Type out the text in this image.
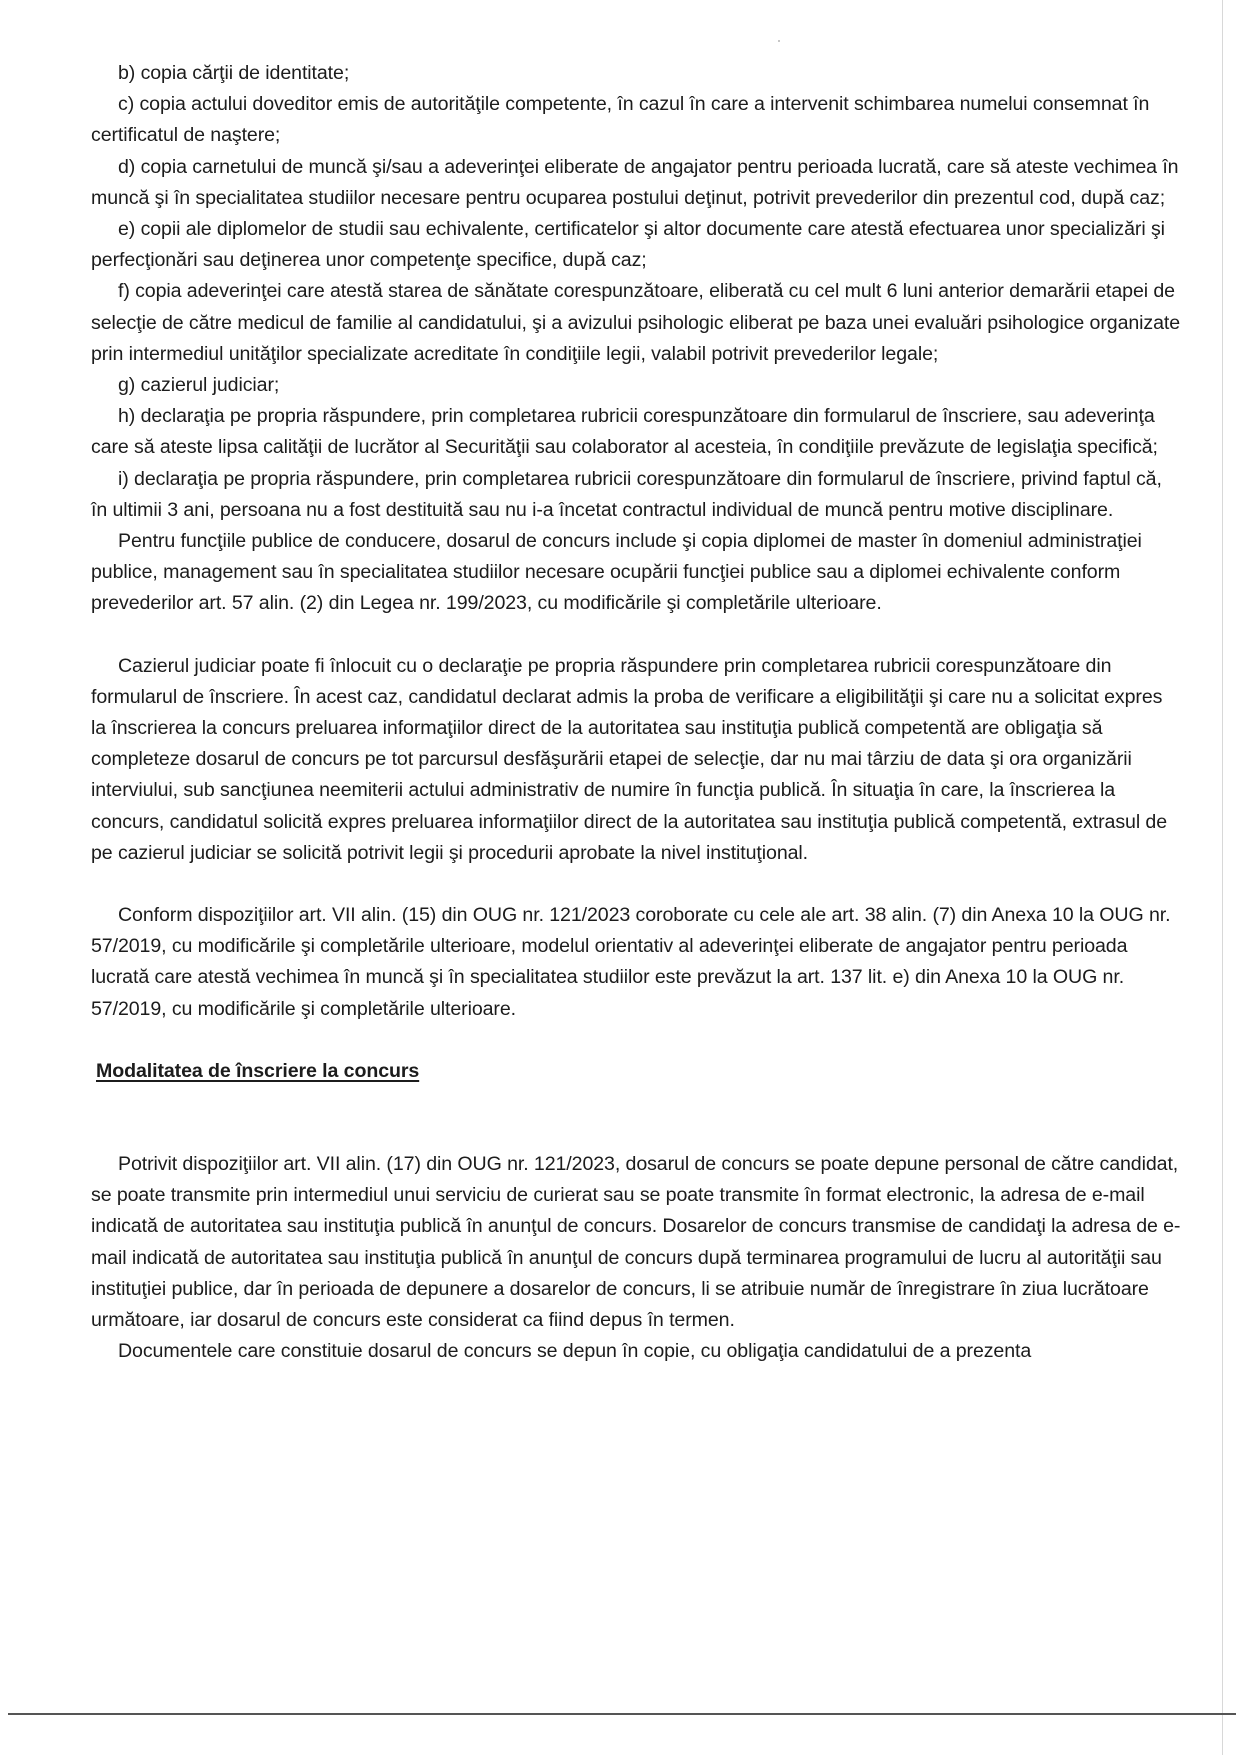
b) copia cărţii de identitate;

c) copia actului doveditor emis de autorităţile competente, în cazul în care a intervenit schimbarea numelui consemnat în certificatul de naştere;

d) copia carnetului de muncă şi/sau a adeverinţei eliberate de angajator pentru perioada lucrată, care să ateste vechimea în muncă şi în specialitatea studiilor necesare pentru ocuparea postului deţinut, potrivit prevederilor din prezentul cod, după caz;

e) copii ale diplomelor de studii sau echivalente, certificatelor şi altor documente care atestă efectuarea unor specializări şi perfecţionări sau deţinerea unor competenţe specifice, după caz;

f) copia adeverinţei care atestă starea de sănătate corespunzătoare, eliberată cu cel mult 6 luni anterior demarării etapei de selecţie de către medicul de familie al candidatului, şi a avizului psihologic eliberat pe baza unei evaluări psihologice organizate prin intermediul unităţilor specializate acreditate în condiţiile legii, valabil potrivit prevederilor legale;

g) cazierul judiciar;

h) declaraţia pe propria răspundere, prin completarea rubricii corespunzătoare din formularul de înscriere, sau adeverinţa care să ateste lipsa calităţii de lucrător al Securităţii sau colaborator al acesteia, în condiţiile prevăzute de legislaţia specifică;

i) declaraţia pe propria răspundere, prin completarea rubricii corespunzătoare din formularul de înscriere, privind faptul că, în ultimii 3 ani, persoana nu a fost destituită sau nu i-a încetat contractul individual de muncă pentru motive disciplinare.

Pentru funcţiile publice de conducere, dosarul de concurs include şi copia diplomei de master în domeniul administraţiei publice, management sau în specialitatea studiilor necesare ocupării funcţiei publice sau a diplomei echivalente conform prevederilor art. 57 alin. (2) din Legea nr. 199/2023, cu modificările şi completările ulterioare.

Cazierul judiciar poate fi înlocuit cu o declaraţie pe propria răspundere prin completarea rubricii corespunzătoare din formularul de înscriere. În acest caz, candidatul declarat admis la proba de verificare a eligibilităţii şi care nu a solicitat expres la înscrierea la concurs preluarea informaţiilor direct de la autoritatea sau instituţia publică competentă are obligaţia să completeze dosarul de concurs pe tot parcursul desfăşurării etapei de selecţie, dar nu mai târziu de data şi ora organizării interviului, sub sancţiunea neemiterii actului administrativ de numire în funcţia publică. În situaţia în care, la înscrierea la concurs, candidatul solicită expres preluarea informaţiilor direct de la autoritatea sau instituţia publică competentă, extrasul de pe cazierul judiciar se solicită potrivit legii şi procedurii aprobate la nivel instituţional.

Conform dispoziţiilor art. VII alin. (15) din OUG nr. 121/2023 coroborate cu cele ale art. 38 alin. (7) din Anexa 10 la OUG nr. 57/2019, cu modificările şi completările ulterioare, modelul orientativ al adeverinţei eliberate de angajator pentru perioada lucrată care atestă vechimea în muncă şi în specialitatea studiilor este prevăzut la art. 137 lit. e) din Anexa 10 la OUG nr. 57/2019, cu modificările şi completările ulterioare.

Modalitatea de înscriere la concurs

Potrivit dispoziţiilor art. VII alin. (17) din OUG nr. 121/2023, dosarul de concurs se poate depune personal de către candidat, se poate transmite prin intermediul unui serviciu de curierat sau se poate transmite în format electronic, la adresa de e-mail indicată de autoritatea sau instituţia publică în anunţul de concurs. Dosarelor de concurs transmise de candidaţi la adresa de e-mail indicată de autoritatea sau instituţia publică în anunţul de concurs după terminarea programului de lucru al autorităţii sau instituţiei publice, dar în perioada de depunere a dosarelor de concurs, li se atribuie număr de înregistrare în ziua lucrătoare următoare, iar dosarul de concurs este considerat ca fiind depus în termen.

Documentele care constituie dosarul de concurs se depun în copie, cu obligaţia candidatului de a prezenta
